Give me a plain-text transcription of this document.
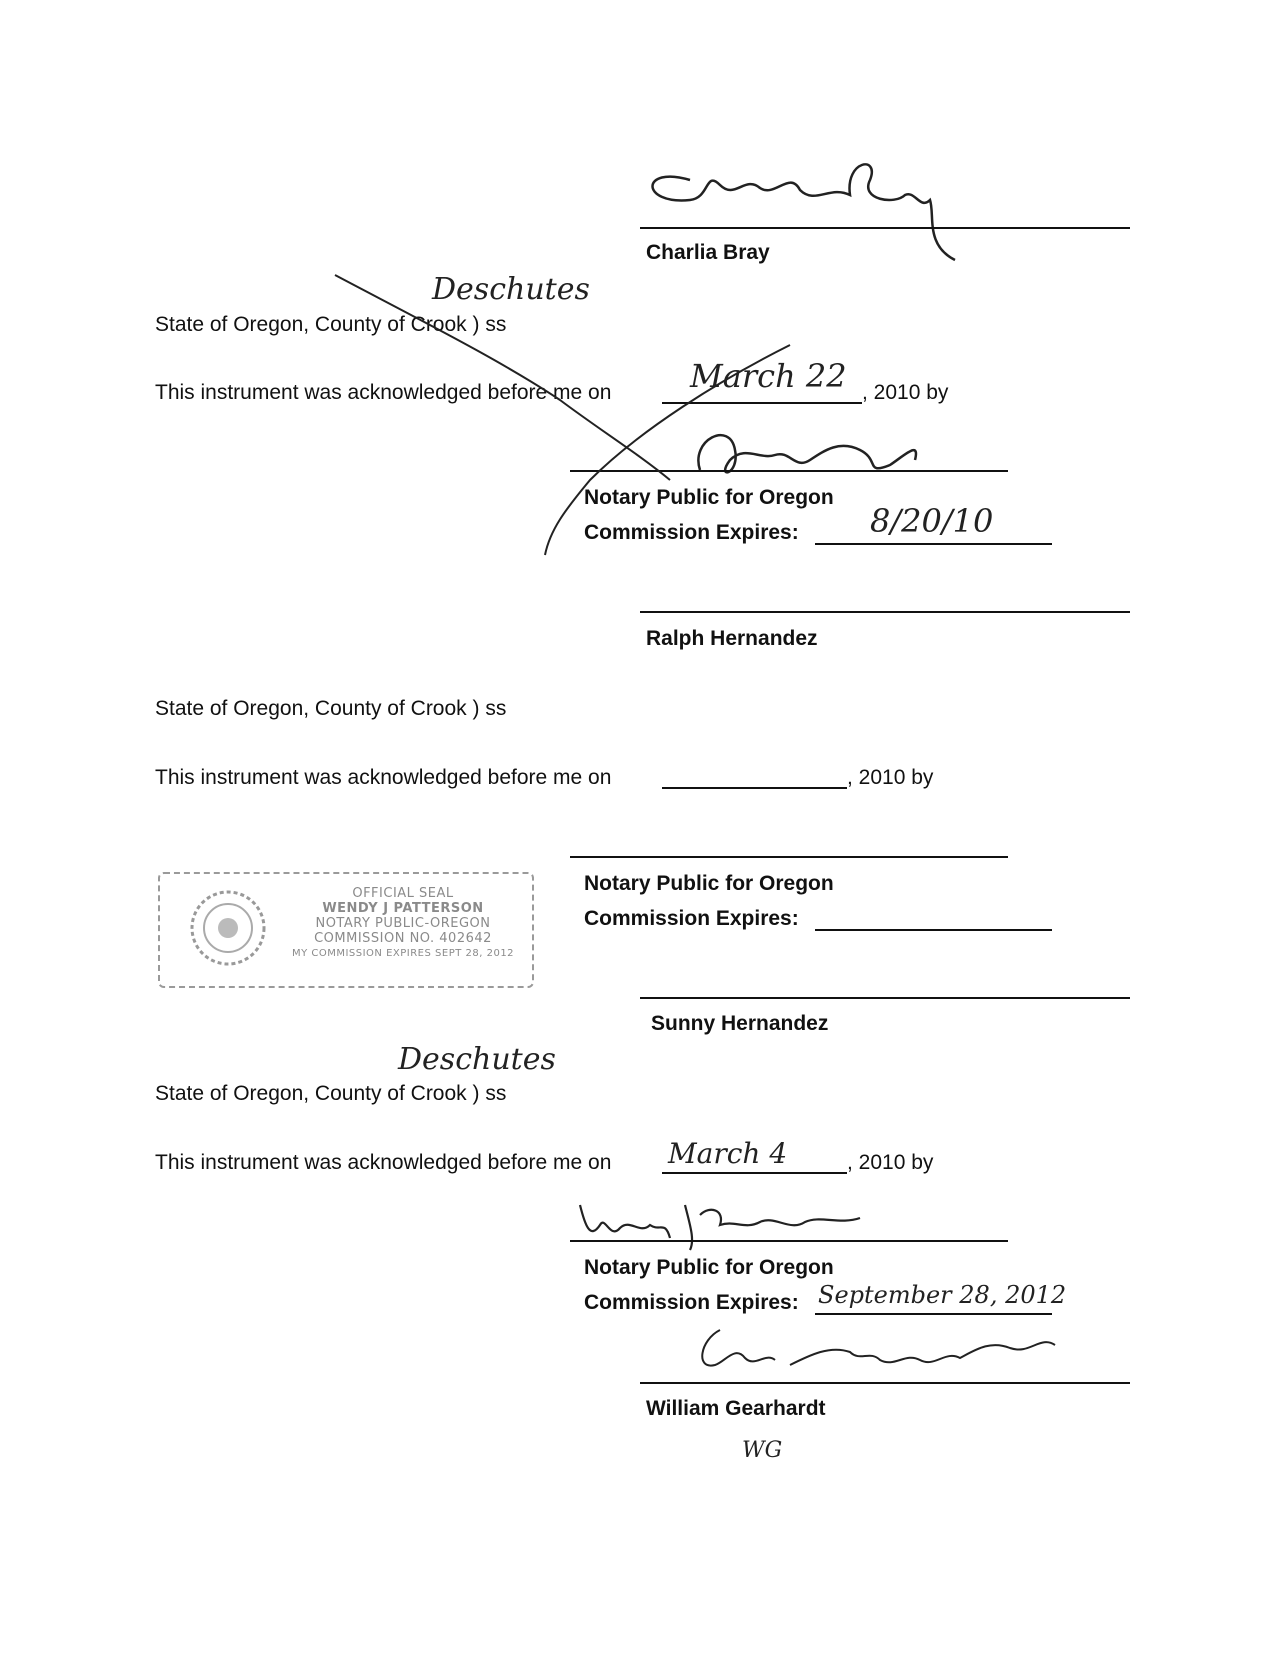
Charlia Bray
Deschutes
State of Oregon, County of Crook ) ss
This instrument was acknowledged before me on March 22 , 2010 by
Notary Public for Oregon
Commission Expires: 8/20/10
Ralph Hernandez
State of Oregon, County of Crook ) ss
This instrument was acknowledged before me on	, 2010 by
Notary Public for Oregon
Commission Expires:
OFFICIAL SEAL
WENDY J PATTERSON
NOTARY PUBLIC-OREGON
COMMISSION NO. 402642
MY COMMISSION EXPIRES SEPT 28, 2012
Sunny Hernandez
Deschutes
State of Oregon, County of Crook ) ss
This instrument was acknowledged before me on March 4	, 2010 by
Notary Public for Oregon
Commission Expires: September 28, 2012
William Gearhardt
WG
